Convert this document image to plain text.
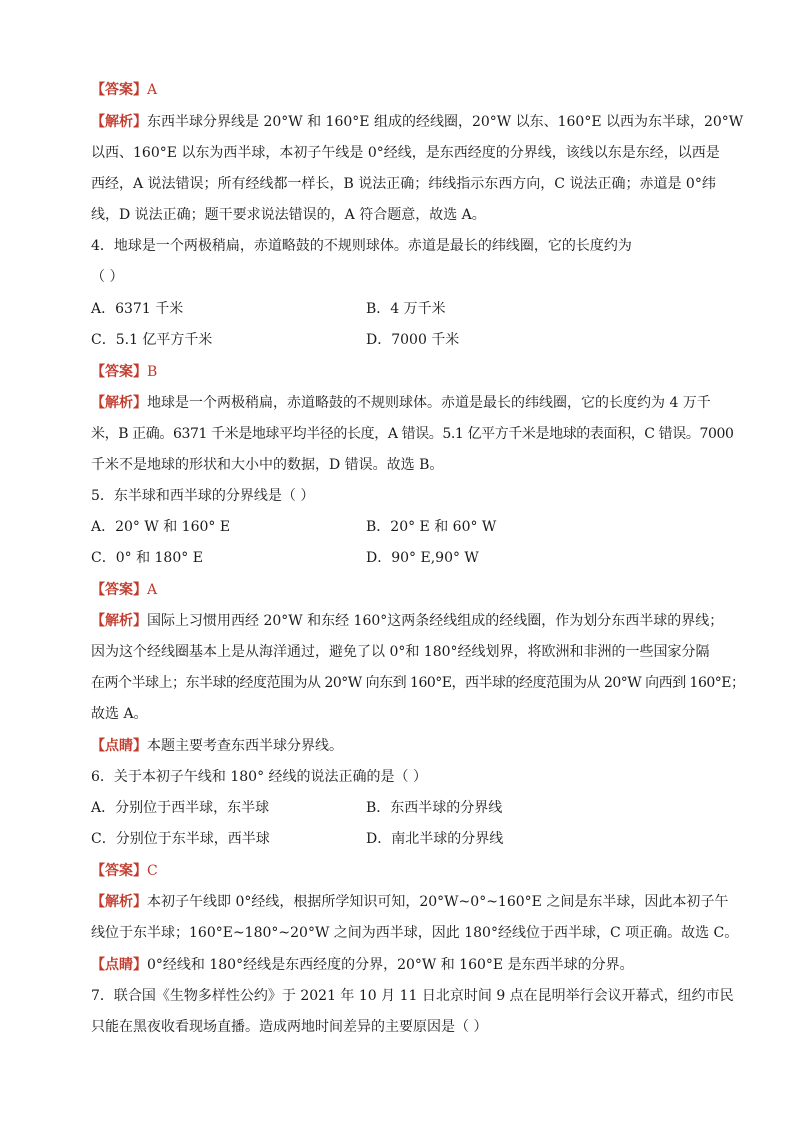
【答案】A
【解析】东西半球分界线是 20°W 和 160°E 组成的经线圈，20°W 以东、160°E 以西为东半球，20°W
以西、160°E 以东为西半球，本初子午线是 0°经线，是东西经度的分界线，该线以东是东经，以西是
西经，A 说法错误；所有经线都一样长，B 说法正确；纬线指示东西方向，C 说法正确；赤道是 0°纬
线，D 说法正确；题干要求说法错误的，A 符合题意，故选 A。
4．地球是一个两极稍扁，赤道略鼓的不规则球体。赤道是最长的纬线圈，它的长度约为
（ ）
A．6371 千米	B．4 万千米
C．5.1 亿平方千米	D．7000 千米
【答案】B
【解析】地球是一个两极稍扁，赤道略鼓的不规则球体。赤道是最长的纬线圈，它的长度约为 4 万千
米，B 正确。6371 千米是地球平均半径的长度，A 错误。5.1 亿平方千米是地球的表面积，C 错误。7000
千米不是地球的形状和大小中的数据，D 错误。故选 B。
5．东半球和西半球的分界线是（ ）
A．20° W 和 160° E	B．20° E 和 60° W
C．0° 和 180° E	D．90° E,90° W
【答案】A
【解析】国际上习惯用西经 20°W 和东经 160°这两条经线组成的经线圈，作为划分东西半球的界线；
因为这个经线圈基本上是从海洋通过，避免了以 0°和 180°经线划界，将欧洲和非洲的一些国家分隔
在两个半球上；东半球的经度范围为从 20°W 向东到 160°E，西半球的经度范围为从 20°W 向西到 160°E；
故选 A。
【点睛】本题主要考查东西半球分界线。
6．关于本初子午线和 180° 经线的说法正确的是（ ）
A．分别位于西半球，东半球	B．东西半球的分界线
C．分别位于东半球，西半球	D．南北半球的分界线
【答案】C
【解析】本初子午线即 0°经线，根据所学知识可知，20°W~0°~160°E 之间是东半球，因此本初子午
线位于东半球；160°E~180°~20°W 之间为西半球，因此 180°经线位于西半球，C 项正确。故选 C。
【点睛】0°经线和 180°经线是东西经度的分界，20°W 和 160°E 是东西半球的分界。
7．联合国《生物多样性公约》于 2021 年 10 月 11 日北京时间 9 点在昆明举行会议开幕式，纽约市民
只能在黑夜收看现场直播。造成两地时间差异的主要原因是（ ）
